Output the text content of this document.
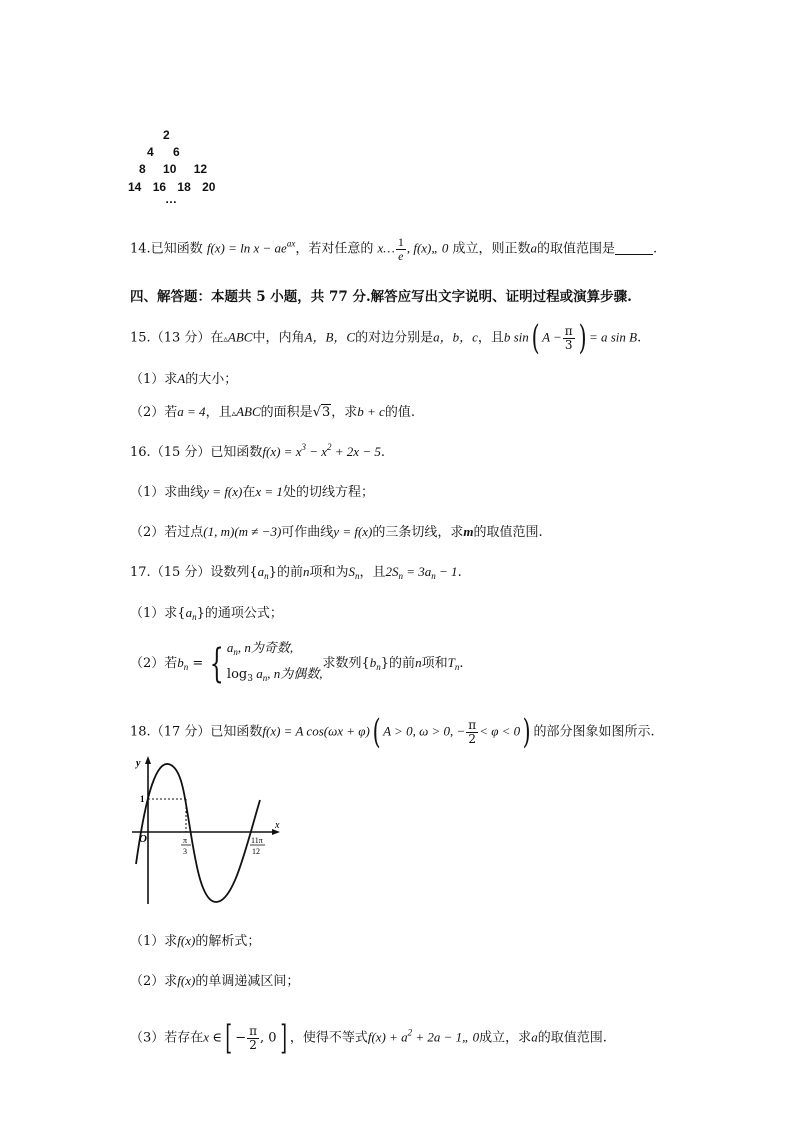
2
4 6
8 10 12
14 16 18 20
…
14.已知函数 $f(x) = \ln x - ae^{ax}$，若对任意的 x… $\frac{1}{e}$ , f(x)„ 0 成立，则正数a的取值范围是	.
四、解答题：本题共 5 小题，共 77 分.解答应写出文字说明、证明过程或演算步骤.
15.（13 分）在▵ABC中，内角A，B，C的对边分别是a，b，c，且b sin( $A - \frac{\pi}{3}$ ) = a sin B.
（1）求A的大小；
（2）若a = 4，且▵ABC的面积是√3，求b + c的值.
16.（15 分）已知函数$f(x) = x^3 - x^2 + 2x - 5$.
（1）求曲线y = f(x)在x = 1处的切线方程；
（2）若过点(1, m)(m ≠ −3)可作曲线y = f(x)的三条切线，求m的取值范围.
17.（15 分）设数列$\{a_n\}$的前n项和为$S_n$，且$2S_n = 3a_n - 1$.
（1）求$\{a_n\}$的通项公式；
（2）若$b_n$ = { $a_n$, n为奇数,
$\log_3 a_n$, n为偶数,
求数列$\{b_n\}$的前n项和$T_n$.
18.（17 分）已知函数f(x) = A cos(ωx + φ)( A > 0, ω > 0, − $\frac{\pi}{2} < \varphi < 0$) 的部分图象如图所示.
y
x
O
1
π
3
11π
12
（1）求f(x)的解析式；
（2）求f(x)的单调递减区间；
（3）若存在x ∈[ − $\frac{\pi}{2}$ , 0] ，使得不等式$f(x) + a^2 + 2a$ − 1„ 0成立，求a的取值范围.
